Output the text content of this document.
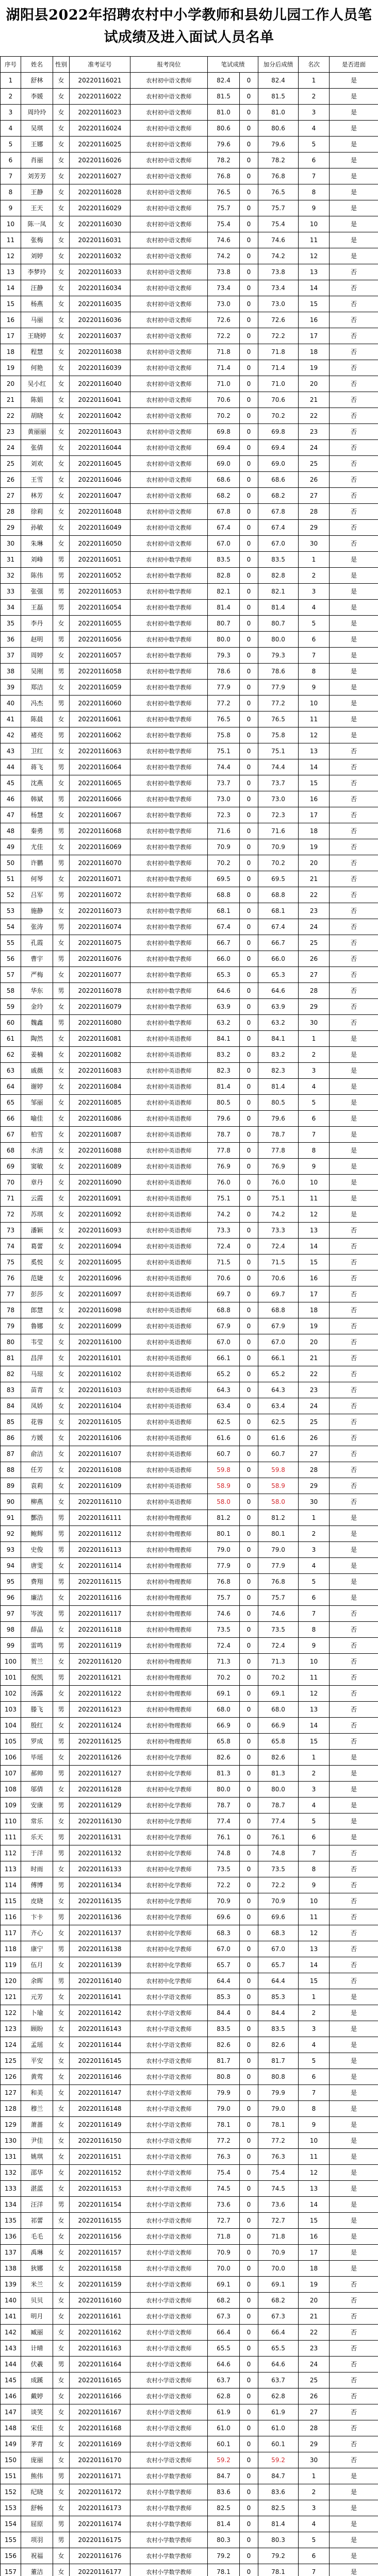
湖阳县2022年招聘农村中小学教师和县幼儿园工作人员笔试成绩及进入面试人员名单
序号	姓名	性别	准考证号	报考岗位	笔试成绩		加分后成绩	名次	是否进面
1	舒林	女	20220116021	农村初中语文教师	82.4	0	82.4	1	是
2	李媛	女	20220116022	农村初中语文教师	81.5	0	81.5	2	是
3	周玲玲	女	20220116023	农村初中语文教师	81.0	0	81.0	3	是
4	吴琪	女	20220116024	农村初中语文教师	80.6	0	80.6	4	是
5	王娜	女	20220116025	农村初中语文教师	79.6	0	79.6	5	是
6	肖丽	女	20220116026	农村初中语文教师	78.2	0	78.2	6	是
7	刘芳芳	女	20220116027	农村初中语文教师	76.8	0	76.8	7	是
8	王静	女	20220116028	农村初中语文教师	76.5	0	76.5	8	是
9	王天	女	20220116029	农村初中语文教师	75.7	0	75.7	9	是
10	陈一凤	女	20220116030	农村初中语文教师	75.4	0	75.4	10	是
11	张梅	女	20220116031	农村初中语文教师	74.6	0	74.6	11	是
12	刘婷	女	20220116032	农村初中语文教师	74.2	0	74.2	12	是
13	李梦玲	女	20220116033	农村初中语文教师	73.8	0	73.8	13	否
14	汪静	女	20220116034	农村初中语文教师	73.4	0	73.4	14	否
15	杨燕	女	20220116035	农村初中语文教师	73.0	0	73.0	15	否
16	马丽	女	20220116036	农村初中语文教师	72.6	0	72.6	16	否
17	王晓婷	女	20220116037	农村初中语文教师	72.2	0	72.2	17	否
18	程慧	女	20220116038	农村初中语文教师	71.8	0	71.8	18	否
19	何艳	女	20220116039	农村初中语文教师	71.4	0	71.4	19	否
20	吴小红	女	20220116040	农村初中语文教师	71.0	0	71.0	20	否
21	陈娟	女	20220116041	农村初中语文教师	70.6	0	70.6	21	否
22	胡晓	女	20220116042	农村初中语文教师	70.2	0	70.2	22	否
23	黄丽丽	女	20220116043	农村初中语文教师	69.8	0	69.8	23	否
24	张倩	女	20220116044	农村初中语文教师	69.4	0	69.4	24	否
25	刘欢	女	20220116045	农村初中语文教师	69.0	0	69.0	25	否
26	王雪	女	20220116046	农村初中语文教师	68.6	0	68.6	26	否
27	林芳	女	20220116047	农村初中语文教师	68.2	0	68.2	27	否
28	徐莉	女	20220116048	农村初中语文教师	67.8	0	67.8	28	否
29	孙敏	女	20220116049	农村初中语文教师	67.4	0	67.4	29	否
30	朱琳	女	20220116050	农村初中语文教师	67.0	0	67.0	30	否
31	刘峰	男	20220116051	农村初中数学教师	83.5	0	83.5	1	是
32	陈伟	男	20220116052	农村初中数学教师	82.8	0	82.8	2	是
33	张强	男	20220116053	农村初中数学教师	82.1	0	82.1	3	是
34	王磊	男	20220116054	农村初中数学教师	81.4	0	81.4	4	是
35	李丹	女	20220116055	农村初中数学教师	80.7	0	80.7	5	是
36	赵明	男	20220116056	农村初中数学教师	80.0	0	80.0	6	是
37	周婷	女	20220116057	农村初中数学教师	79.3	0	79.3	7	是
38	吴刚	男	20220116058	农村初中数学教师	78.6	0	78.6	8	是
39	郑洁	女	20220116059	农村初中数学教师	77.9	0	77.9	9	是
40	冯杰	男	20220116060	农村初中数学教师	77.2	0	77.2	10	是
41	陈晨	女	20220116061	农村初中数学教师	76.5	0	76.5	11	是
42	褚亮	男	20220116062	农村初中数学教师	75.8	0	75.8	12	是
43	卫红	女	20220116063	农村初中数学教师	75.1	0	75.1	13	否
44	蒋飞	男	20220116064	农村初中数学教师	74.4	0	74.4	14	否
45	沈燕	女	20220116065	农村初中数学教师	73.7	0	73.7	15	否
46	韩斌	男	20220116066	农村初中数学教师	73.0	0	73.0	16	否
47	杨慧	女	20220116067	农村初中数学教师	72.3	0	72.3	17	否
48	秦勇	男	20220116068	农村初中数学教师	71.6	0	71.6	18	否
49	尤佳	女	20220116069	农村初中数学教师	70.9	0	70.9	19	否
50	许鹏	男	20220116070	农村初中数学教师	70.2	0	70.2	20	否
51	何琴	女	20220116071	农村初中数学教师	69.5	0	69.5	21	否
52	吕军	男	20220116072	农村初中数学教师	68.8	0	68.8	22	否
53	施静	女	20220116073	农村初中数学教师	68.1	0	68.1	23	否
54	张涛	男	20220116074	农村初中数学教师	67.4	0	67.4	24	否
55	孔霞	女	20220116075	农村初中数学教师	66.7	0	66.7	25	否
56	曹宇	男	20220116076	农村初中数学教师	66.0	0	66.0	26	否
57	严梅	女	20220116077	农村初中数学教师	65.3	0	65.3	27	否
58	华东	男	20220116078	农村初中数学教师	64.6	0	64.6	28	否
59	金玲	女	20220116079	农村初中数学教师	63.9	0	63.9	29	否
60	魏鑫	男	20220116080	农村初中数学教师	63.2	0	63.2	30	否
61	陶然	女	20220116081	农村初中英语教师	84.1	0	84.1	1	是
62	姜楠	女	20220116082	农村初中英语教师	83.2	0	83.2	2	是
63	戚薇	女	20220116083	农村初中英语教师	82.3	0	82.3	3	是
64	谢婷	女	20220116084	农村初中英语教师	81.4	0	81.4	4	是
65	邹丽	女	20220116085	农村初中英语教师	80.5	0	80.5	5	是
66	喻佳	女	20220116086	农村初中英语教师	79.6	0	79.6	6	是
67	柏雪	女	20220116087	农村初中英语教师	78.7	0	78.7	7	是
68	水清	女	20220116088	农村初中英语教师	77.8	0	77.8	8	是
69	窦敏	女	20220116089	农村初中英语教师	76.9	0	76.9	9	是
70	章丹	女	20220116090	农村初中英语教师	76.0	0	76.0	10	是
71	云霞	女	20220116091	农村初中英语教师	75.1	0	75.1	11	是
72	苏琪	女	20220116092	农村初中英语教师	74.2	0	74.2	12	是
73	潘颖	女	20220116093	农村初中英语教师	73.3	0	73.3	13	否
74	葛蕾	女	20220116094	农村初中英语教师	72.4	0	72.4	14	否
75	奚悦	女	20220116095	农村初中英语教师	71.5	0	71.5	15	否
76	范婕	女	20220116096	农村初中英语教师	70.6	0	70.6	16	否
77	彭莎	女	20220116097	农村初中英语教师	69.7	0	69.7	17	否
78	郎慧	女	20220116098	农村初中英语教师	68.8	0	68.8	18	否
79	鲁娜	女	20220116099	农村初中英语教师	67.9	0	67.9	19	否
80	韦莹	女	20220116100	农村初中英语教师	67.0	0	67.0	20	否
81	昌萍	女	20220116101	农村初中英语教师	66.1	0	66.1	21	否
82	马琼	女	20220116102	农村初中英语教师	65.2	0	65.2	22	否
83	苗青	女	20220116103	农村初中英语教师	64.3	0	64.3	23	否
84	凤娇	女	20220116104	农村初中英语教师	63.4	0	63.4	24	否
85	花蓉	女	20220116105	农村初中英语教师	62.5	0	62.5	25	否
86	方媛	女	20220116106	农村初中英语教师	61.6	0	61.6	26	否
87	俞洁	女	20220116107	农村初中英语教师	60.7	0	60.7	27	否
88	任芳	女	20220116108	农村初中英语教师	59.8	0	59.8	28	否
89	袁莉	女	20220116109	农村初中英语教师	58.9	0	58.9	29	否
90	柳燕	女	20220116110	农村初中英语教师	58.0	0	58.0	30	否
91	酆浩	男	20220116111	农村初中物理教师	81.2	0	81.2	1	是
92	鲍辉	男	20220116112	农村初中物理教师	80.1	0	80.1	2	是
93	史俊	男	20220116113	农村初中物理教师	79.0	0	79.0	3	是
94	唐雯	女	20220116114	农村初中物理教师	77.9	0	77.9	4	是
95	费翔	男	20220116115	农村初中物理教师	76.8	0	76.8	5	是
96	廉洁	女	20220116116	农村初中物理教师	75.7	0	75.7	6	是
97	岑波	男	20220116117	农村初中物理教师	74.6	0	74.6	7	否
98	薛晶	女	20220116118	农村初中物理教师	73.5	0	73.5	8	否
99	雷鸣	男	20220116119	农村初中物理教师	72.4	0	72.4	9	否
100	贺兰	女	20220116120	农村初中物理教师	71.3	0	71.3	10	否
101	倪凯	男	20220116121	农村初中物理教师	70.2	0	70.2	11	否
102	汤露	女	20220116122	农村初中物理教师	69.1	0	69.1	12	否
103	滕飞	男	20220116123	农村初中物理教师	68.0	0	68.0	13	否
104	殷红	女	20220116124	农村初中物理教师	66.9	0	66.9	14	否
105	罗成	男	20220116125	农村初中物理教师	65.8	0	65.8	15	否
106	毕瑶	女	20220116126	农村初中化学教师	82.6	0	82.6	1	是
107	郝帅	男	20220116127	农村初中化学教师	81.3	0	81.3	2	是
108	邬倩	女	20220116128	农村初中化学教师	80.0	0	80.0	3	是
109	安康	男	20220116129	农村初中化学教师	78.7	0	78.7	4	是
110	常乐	女	20220116130	农村初中化学教师	77.4	0	77.4	5	是
111	乐天	男	20220116131	农村初中化学教师	76.1	0	76.1	6	是
112	于洋	男	20220116132	农村初中化学教师	74.8	0	74.8	7	否
113	时雨	女	20220116133	农村初中化学教师	73.5	0	73.5	8	否
114	傅博	男	20220116134	农村初中化学教师	72.2	0	72.2	9	否
115	皮晓	女	20220116135	农村初中化学教师	70.9	0	70.9	10	否
116	卞卡	男	20220116136	农村初中化学教师	69.6	0	69.6	11	否
117	齐心	女	20220116137	农村初中化学教师	68.3	0	68.3	12	否
118	康宁	男	20220116138	农村初中化学教师	67.0	0	67.0	13	否
119	伍月	女	20220116139	农村初中化学教师	65.7	0	65.7	14	否
120	余晖	男	20220116140	农村初中化学教师	64.4	0	64.4	15	否
121	元芳	女	20220116141	农村小学语文教师	85.3	0	85.3	1	是
122	卜瑜	女	20220116142	农村小学语文教师	84.4	0	84.4	2	是
123	顾盼	女	20220116143	农村小学语文教师	83.5	0	83.5	3	是
124	孟瑶	女	20220116144	农村小学语文教师	82.6	0	82.6	4	是
125	平安	女	20220116145	农村小学语文教师	81.7	0	81.7	5	是
126	黄莺	女	20220116146	农村小学语文教师	80.8	0	80.8	6	是
127	和美	女	20220116147	农村小学语文教师	79.9	0	79.9	7	是
128	穆兰	女	20220116148	农村小学语文教师	79.0	0	79.0	8	是
129	萧蔷	女	20220116149	农村小学语文教师	78.1	0	78.1	9	是
130	尹佳	女	20220116150	农村小学语文教师	77.2	0	77.2	10	是
131	姚琪	女	20220116151	农村小学语文教师	76.3	0	76.3	11	是
132	邵华	女	20220116152	农村小学语文教师	75.4	0	75.4	12	是
133	湛蓝	女	20220116153	农村小学语文教师	74.5	0	74.5	13	是
134	汪洋	男	20220116154	农村小学语文教师	73.6	0	73.6	14	是
135	祁蕾	女	20220116155	农村小学语文教师	72.7	0	72.7	15	是
136	毛毛	女	20220116156	农村小学语文教师	71.8	0	71.8	16	是
137	禹琳	女	20220116157	农村小学语文教师	70.9	0	70.9	17	是
138	狄娜	女	20220116158	农村小学语文教师	70.0	0	70.0	18	是
139	米兰	女	20220116159	农村小学语文教师	69.1	0	69.1	19	否
140	贝贝	女	20220116160	农村小学语文教师	68.2	0	68.2	20	否
141	明月	女	20220116161	农村小学语文教师	67.3	0	67.3	21	否
142	臧丽	女	20220116162	农村小学语文教师	66.4	0	66.4	22	否
143	计晴	女	20220116163	农村小学语文教师	65.5	0	65.5	23	否
144	伏羲	男	20220116164	农村小学语文教师	64.6	0	64.6	24	否
145	成蹊	女	20220116165	农村小学语文教师	63.7	0	63.7	25	否
146	戴婷	女	20220116166	农村小学语文教师	62.8	0	62.8	26	否
147	谈笑	女	20220116167	农村小学语文教师	61.9	0	61.9	27	否
148	宋佳	女	20220116168	农村小学语文教师	61.0	0	61.0	28	否
149	茅青	女	20220116169	农村小学语文教师	60.1	0	60.1	29	否
150	庞丽	女	20220116170	农村小学语文教师	59.2	0	59.2	30	否
151	熊伟	男	20220116171	农村小学数学教师	84.7	0	84.7	1	是
152	纪晓	女	20220116172	农村小学数学教师	83.6	0	83.6	2	是
153	舒畅	女	20220116173	农村小学数学教师	82.5	0	82.5	3	是
154	屈原	男	20220116174	农村小学数学教师	81.4	0	81.4	4	是
155	项羽	男	20220116175	农村小学数学教师	80.3	0	80.3	5	是
156	祝福	女	20220116176	农村小学数学教师	79.2	0	79.2	6	是
157	董洁	女	20220116177	农村小学数学教师	78.1	0	78.1	7	是
